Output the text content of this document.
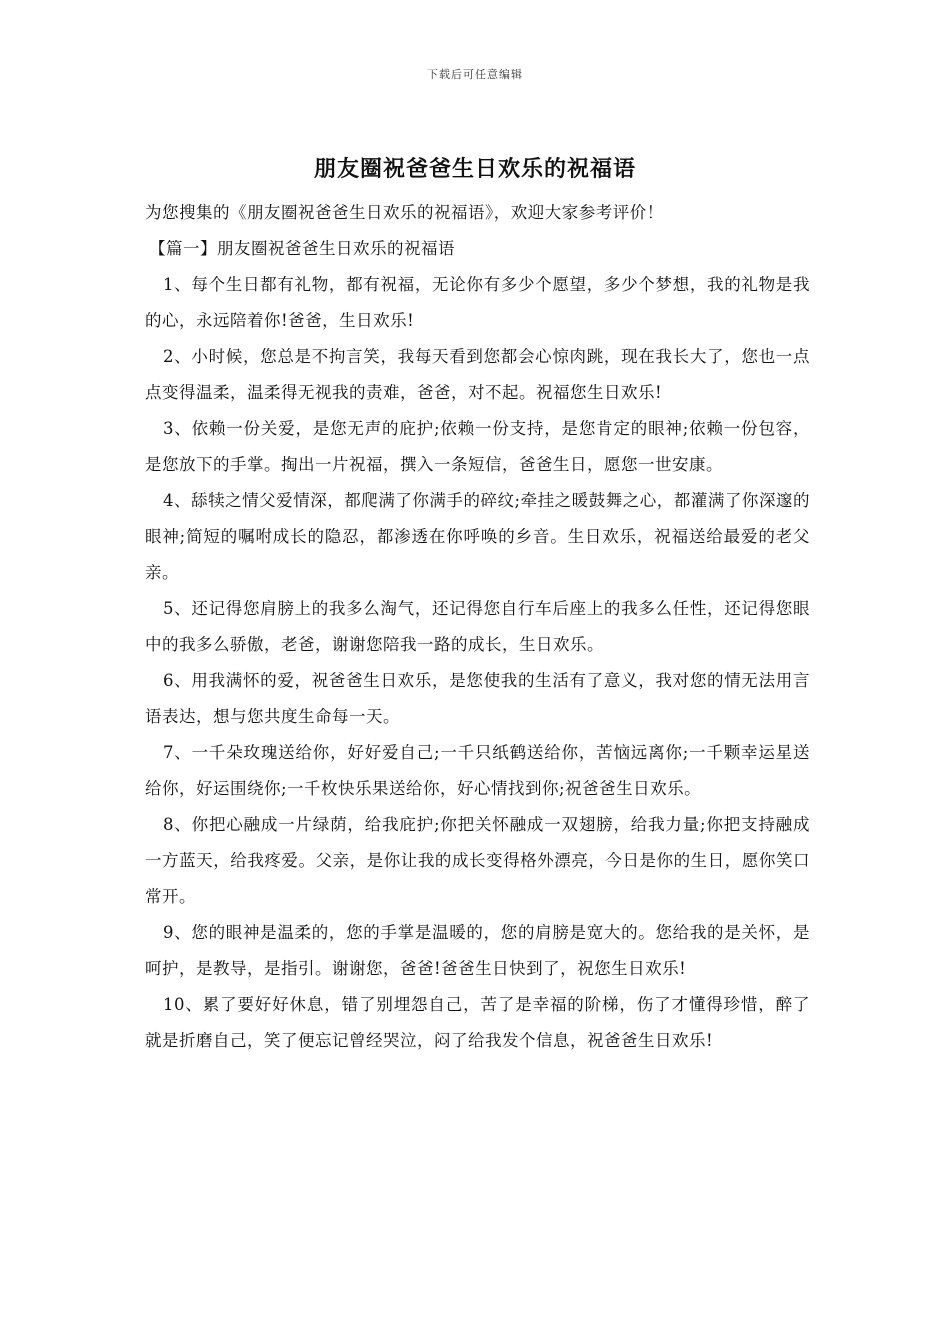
下载后可任意编辑
朋友圈祝爸爸生日欢乐的祝福语

为您搜集的《朋友圈祝爸爸生日欢乐的祝福语》，欢迎大家参考评价！

【篇一】朋友圈祝爸爸生日欢乐的祝福语

1、每个生日都有礼物，都有祝福，无论你有多少个愿望，多少个梦想，我的礼物是我的心，永远陪着你!爸爸，生日欢乐!

2、小时候，您总是不拘言笑，我每天看到您都会心惊肉跳，现在我长大了，您也一点点变得温柔，温柔得无视我的责难，爸爸，对不起。祝福您生日欢乐!

3、依赖一份关爱，是您无声的庇护;依赖一份支持，是您肯定的眼神;依赖一份包容，是您放下的手掌。掏出一片祝福，撰入一条短信，爸爸生日，愿您一世安康。

4、舔犊之情父爱情深，都爬满了你满手的碎纹;牵挂之暖鼓舞之心，都灌满了你深邃的眼神;简短的嘱咐成长的隐忍，都渗透在你呼唤的乡音。生日欢乐，祝福送给最爱的老父亲。

5、还记得您肩膀上的我多么淘气，还记得您自行车后座上的我多么任性，还记得您眼中的我多么骄傲，老爸，谢谢您陪我一路的成长，生日欢乐。

6、用我满怀的爱，祝爸爸生日欢乐，是您使我的生活有了意义，我对您的情无法用言语表达，想与您共度生命每一天。

7、一千朵玫瑰送给你，好好爱自己;一千只纸鹤送给你，苦恼远离你;一千颗幸运星送给你，好运围绕你;一千枚快乐果送给你，好心情找到你;祝爸爸生日欢乐。

8、你把心融成一片绿荫，给我庇护;你把关怀融成一双翅膀，给我力量;你把支持融成一方蓝天，给我疼爱。父亲，是你让我的成长变得格外漂亮，今日是你的生日，愿你笑口常开。

9、您的眼神是温柔的，您的手掌是温暖的，您的肩膀是宽大的。您给我的是关怀，是呵护，是教导，是指引。谢谢您，爸爸!爸爸生日快到了，祝您生日欢乐!

10、累了要好好休息，错了别埋怨自己，苦了是幸福的阶梯，伤了才懂得珍惜，醉了就是折磨自己，笑了便忘记曾经哭泣，闷了给我发个信息，祝爸爸生日欢乐!
